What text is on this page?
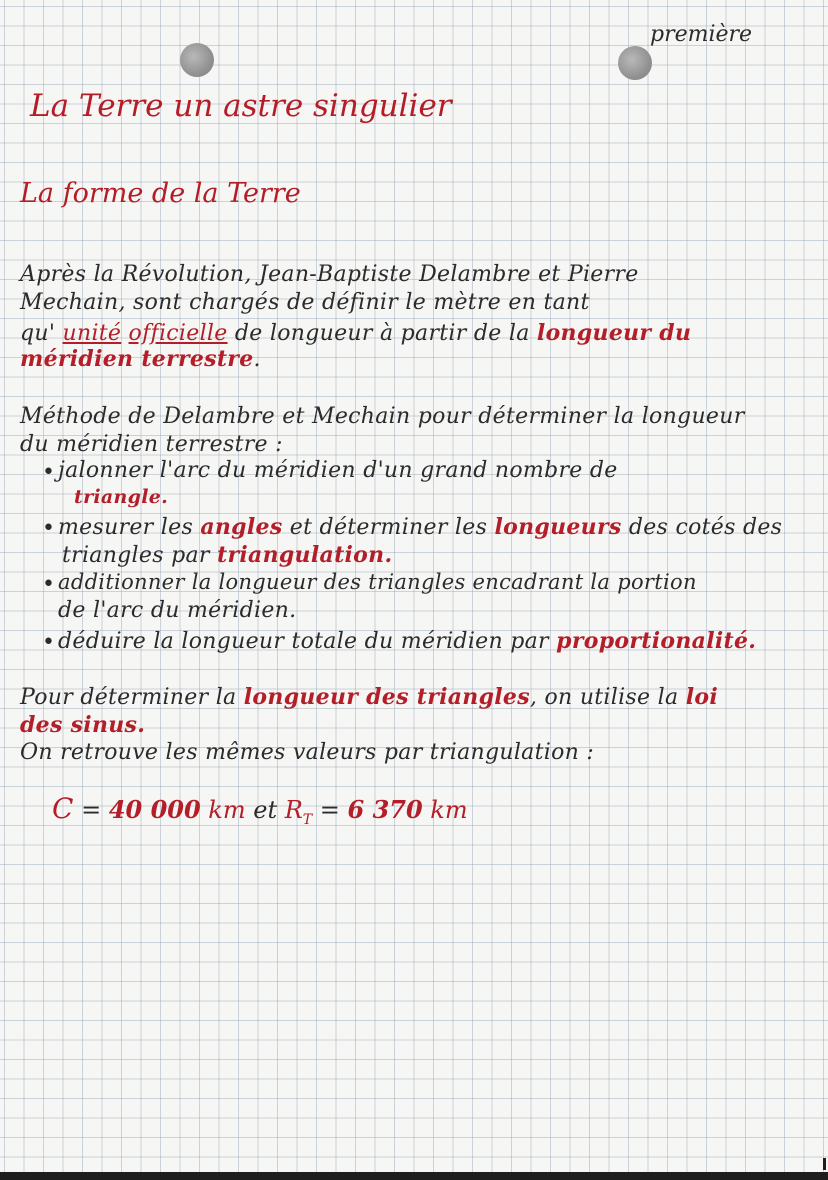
première
La Terre un astre singulier
La forme de la Terre
Après la Révolution, Jean-Baptiste Delambre et Pierre
Mechain, sont chargés de définir le mètre en tant
qu' unité officielle de longueur à partir de la longueur du
méridien terrestre.
Méthode de Delambre et Mechain pour déterminer la longueur
du méridien terrestre :
• jalonner l'arc du méridien d'un grand nombre de
triangle.
• mesurer les angles et déterminer les longueurs des cotés des
triangles par triangulation.
• additionner la longueur des triangles encadrant la portion
de l'arc du méridien.
• déduire la longueur totale du méridien par proportionalité.
Pour déterminer la longueur des triangles, on utilise la loi
des sinus.
On retrouve les mêmes valeurs par triangulation :
C = 40 000 km et $R_T = 6$ 370 km
